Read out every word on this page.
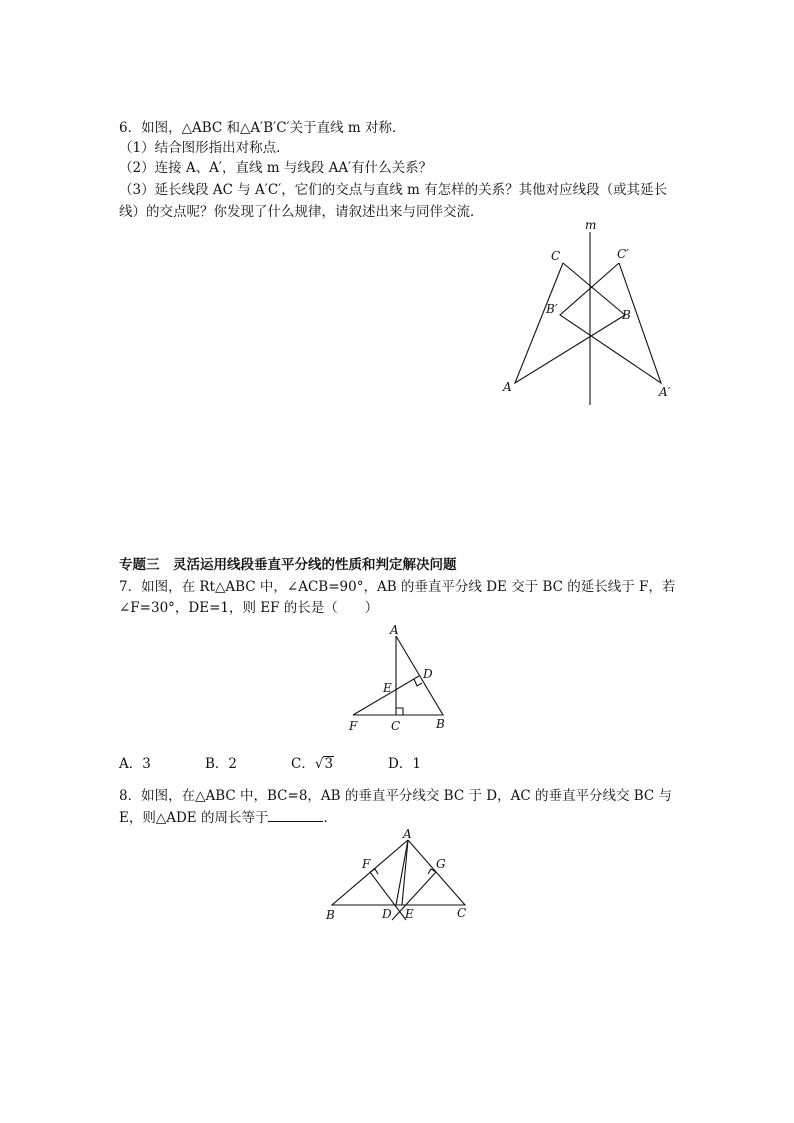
6．如图，△ABC 和△A′B′C′关于直线 m 对称．
（1）结合图形指出对称点．
（2）连接 A、A′，直线 m 与线段 AA′有什么关系？
（3）延长线段 AC 与 A′C′，它们的交点与直线 m 有怎样的关系？其他对应线段（或其延长
线）的交点呢？你发现了什么规律，请叙述出来与同伴交流．
m
C	C′
B′	B
A	A′
专题三　灵活运用线段垂直平分线的性质和判定解决问题
7．如图，在 Rt△ABC 中，∠ACB=90°，AB 的垂直平分线 DE 交于 BC 的延长线于 F，若
∠F=30°，DE=1，则 EF 的长是（　　）
A
D
E
F	C	B
A．3	B．2	C．√3	D．1
8．如图，在△ABC 中，BC=8，AB 的垂直平分线交 BC 于 D，AC 的垂直平分线交 BC 与
E，则△ADE 的周长等于	．
A
F	G
B	D E	C
